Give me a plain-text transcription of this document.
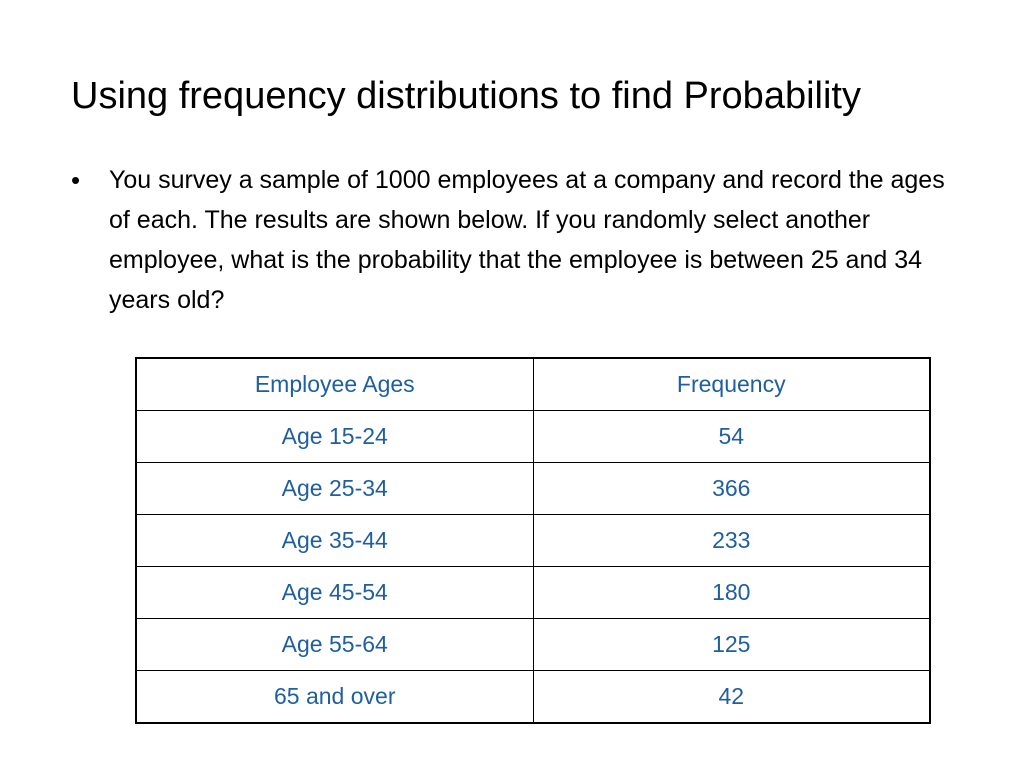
Using frequency distributions to find Probability
•	You survey a sample of 1000 employees at a company and record the ages of each. The results are shown below. If you randomly select another employee, what is the probability that the employee is between 25 and 34 years old?
Employee Ages	Frequency
Age 15-24	54
Age 25-34	366
Age 35-44	233
Age 45-54	180
Age 55-64	125
65 and over	42
